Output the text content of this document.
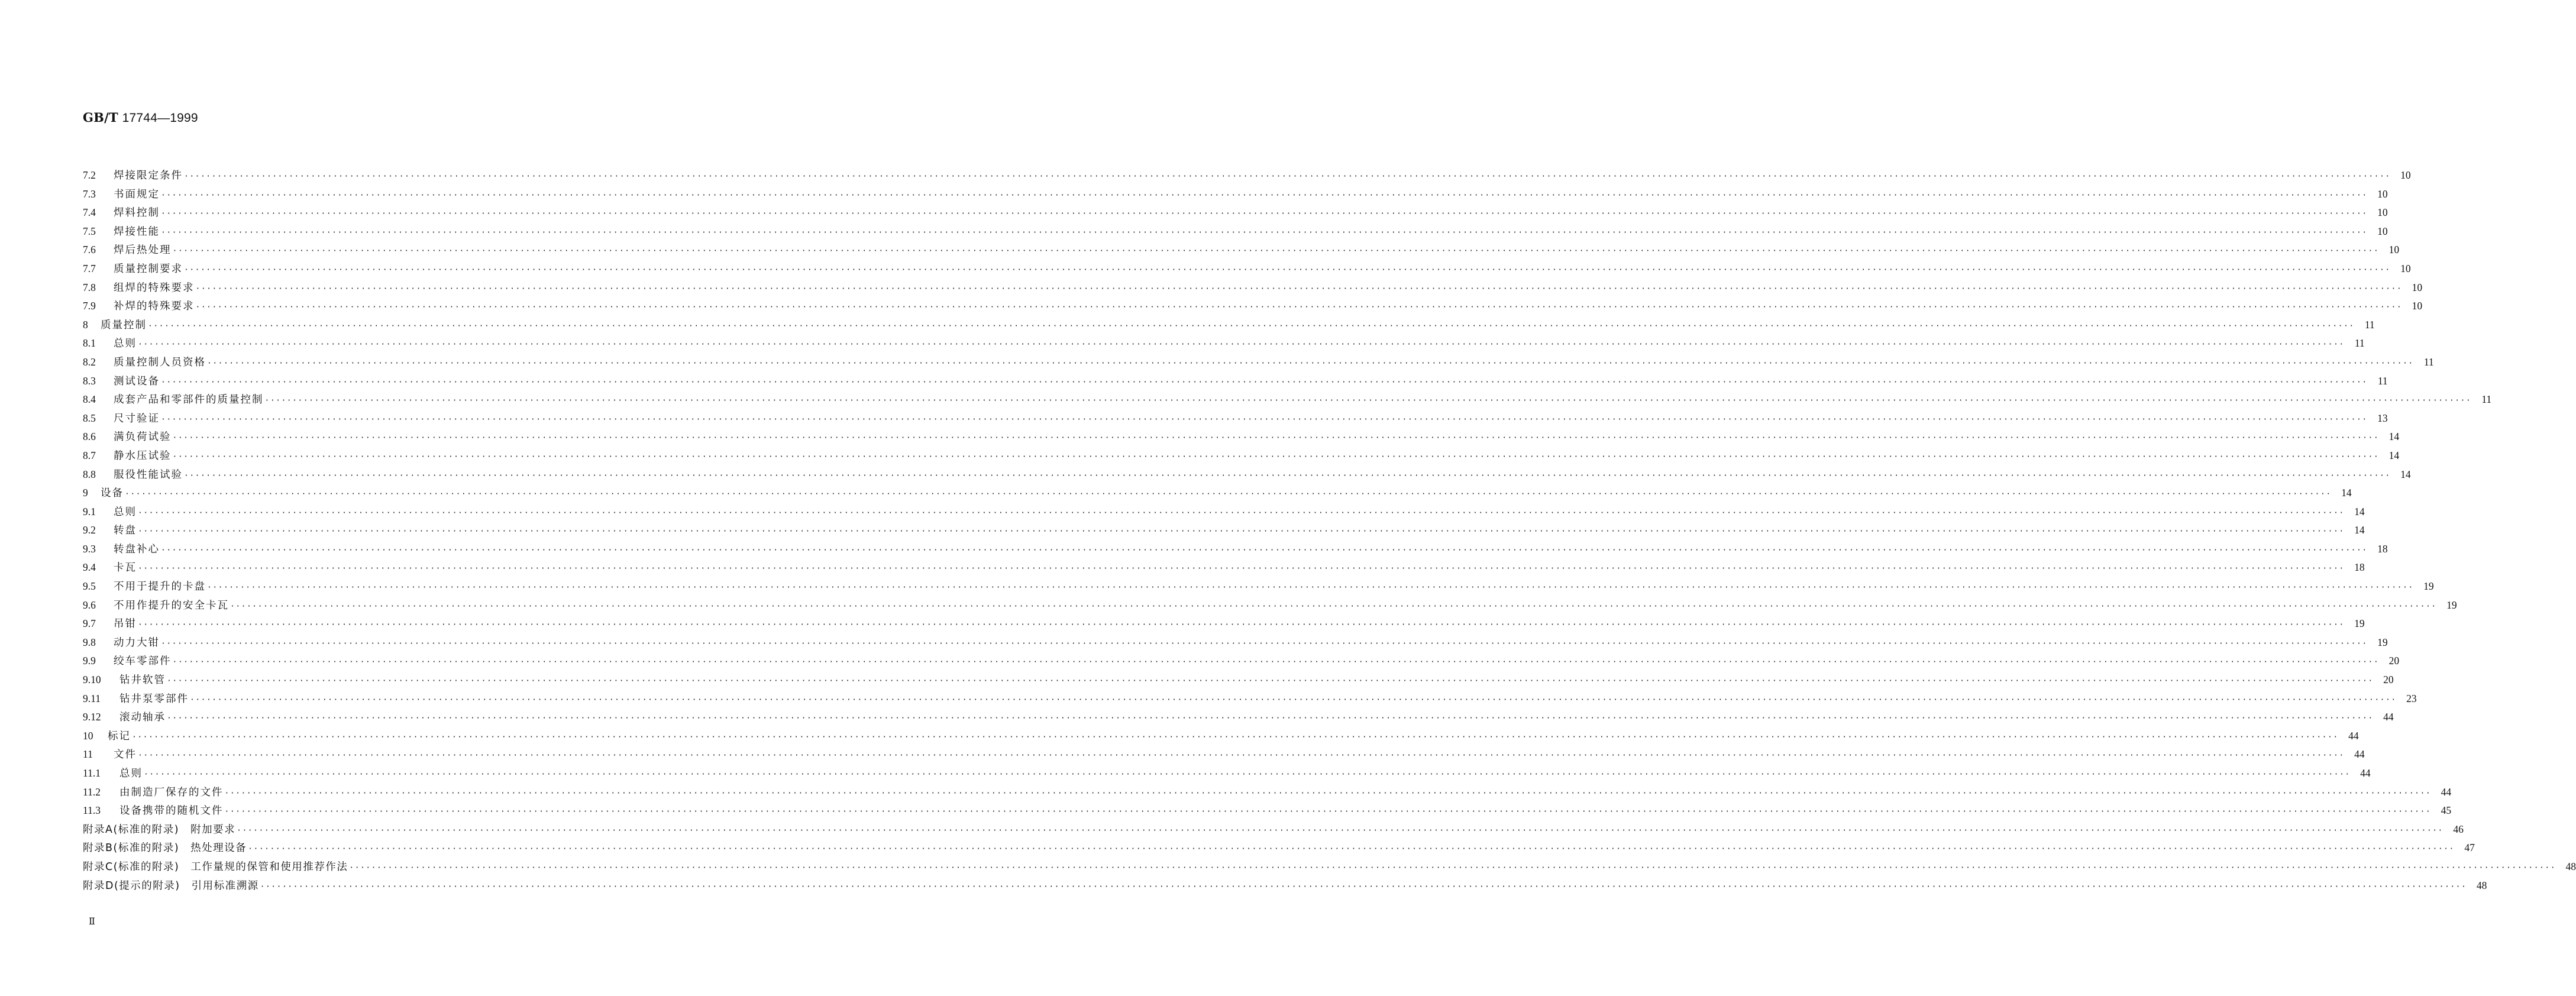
GB/T 17744—1999
7.2	焊接限定条件 ················································································································································································································································································································································································································ 10
7.3	书面规定 ················································································································································································································································································································································································································ 10
7.4	焊料控制 ················································································································································································································································································································································································································ 10
7.5	焊接性能 ················································································································································································································································································································································································································ 10
7.6	焊后热处理 ················································································································································································································································································································································································································ 10
7.7	质量控制要求 ················································································································································································································································································································································································································ 10
7.8	组焊的特殊要求 ················································································································································································································································································································································································································ 10
7.9	补焊的特殊要求 ················································································································································································································································································································································································································ 10
8	质量控制 ················································································································································································································································································································································································································ 11
8.1	总则 ················································································································································································································································································································································································································ 11
8.2	质量控制人员资格 ················································································································································································································································································································································································································ 11
8.3	测试设备 ················································································································································································································································································································································································································ 11
8.4	成套产品和零部件的质量控制 ················································································································································································································································································································································································································ 11
8.5	尺寸验证 ················································································································································································································································································································································································································ 13
8.6	满负荷试验 ················································································································································································································································································································································································································ 14
8.7	静水压试验 ················································································································································································································································································································································································································ 14
8.8	服役性能试验 ················································································································································································································································································································································································································ 14
9	设备 ················································································································································································································································································································································································································ 14
9.1	总则 ················································································································································································································································································································································································································ 14
9.2	转盘 ················································································································································································································································································································································································································ 14
9.3	转盘补心 ················································································································································································································································································································································································································ 18
9.4	卡瓦 ················································································································································································································································································································································································································ 18
9.5	不用于提升的卡盘 ················································································································································································································································································································································································································ 19
9.6	不用作提升的安全卡瓦 ················································································································································································································································································································································································································ 19
9.7	吊钳 ················································································································································································································································································································································································································ 19
9.8	动力大钳 ················································································································································································································································································································································································································ 19
9.9	绞车零部件 ················································································································································································································································································································································································································ 20
9.10	钻井软管 ················································································································································································································································································································································································································ 20
9.11	钻井泵零部件 ················································································································································································································································································································································································································ 23
9.12	滚动轴承 ················································································································································································································································································································································································································ 44
10	标记 ················································································································································································································································································································································································································ 44
11	文件 ················································································································································································································································································································································································································ 44
11.1	总则 ················································································································································································································································································································································································································ 44
11.2	由制造厂保存的文件 ················································································································································································································································································································································································································ 44
11.3	设备携带的随机文件 ················································································································································································································································································································································································································ 45
附录A(标准的附录)　附加要求 ················································································································································································································································································································································································································ 46
附录B(标准的附录)　热处理设备 ················································································································································································································································································································································································································ 47
附录C(标准的附录)　工作量规的保管和使用推荐作法 ················································································································································································································································································································································································································ 48
附录D(提示的附录)　引用标准溯源 ················································································································································································································································································································································································································ 48
Ⅱ
